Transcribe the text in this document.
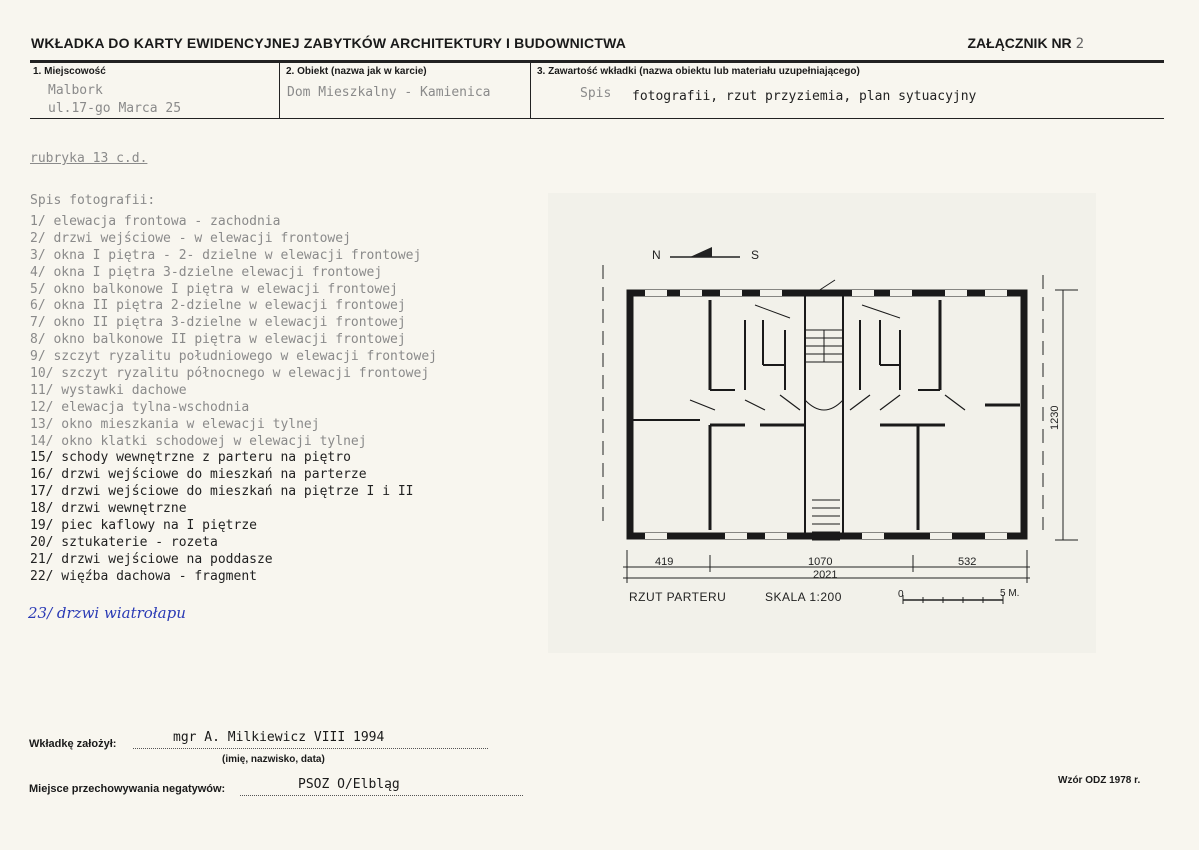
WKŁADKA DO KARTY EWIDENCYJNEJ ZABYTKÓW ARCHITEKTURY I BUDOWNICTWA	ZAŁĄCZNIK NR 2
1. Miejscowość	2. Obiekt (nazwa jak w karcie)	3. Zawartość wkładki (nazwa obiektu lub materiału uzupełniającego)
Malbork
ul.17-go Marca 25
Dom Mieszkalny - Kamienica	Spis fotografii, rzut przyziemia, plan sytuacyjny
rubryka 13 c.d.
Spis fotografii:
1/ elewacja frontowa - zachodnia
2/ drzwi wejściowe - w elewacji frontowej
3/ okna I piętra - 2- dzielne w elewacji frontowej
4/ okna I piętra 3-dzielne elewacji frontowej
5/ okno balkonowe I piętra w elewacji frontowej
6/ okna II piętra 2-dzielne w elewacji frontowej
7/ okno II piętra 3-dzielne w elewacji frontowej
8/ okno balkonowe II piętra w elewacji frontowej
9/ szczyt ryzalitu południowego w elewacji frontowej
10/ szczyt ryzalitu północnego w elewacji frontowej
11/ wystawki dachowe
12/ elewacja tylna-wschodnia
13/ okno mieszkania w elewacji tylnej
14/ okno klatki schodowej w elewacji tylnej
15/ schody wewnętrzne z parteru na piętro
16/ drzwi wejściowe do mieszkań na parterze
17/ drzwi wejściowe do mieszkań na piętrze I i II
18/ drzwi wewnętrzne
19/ piec kaflowy na I piętrze
20/ sztukaterie - rozeta
21/ drzwi wejściowe na poddasze
22/ więźba dachowa - fragment
23/ drzwi wiatrołapu
N	S
419	1070	532
2021
1230
RZUT PARTERU	SKALA 1:200	0	5 M.
Wkładkę założył:	mgr A. Milkiewicz VIII 1994
(imię, nazwisko, data)
Miejsce przechowywania negatywów:	PSOZ O/Elbląg	Wzór ODZ 1978 r.
